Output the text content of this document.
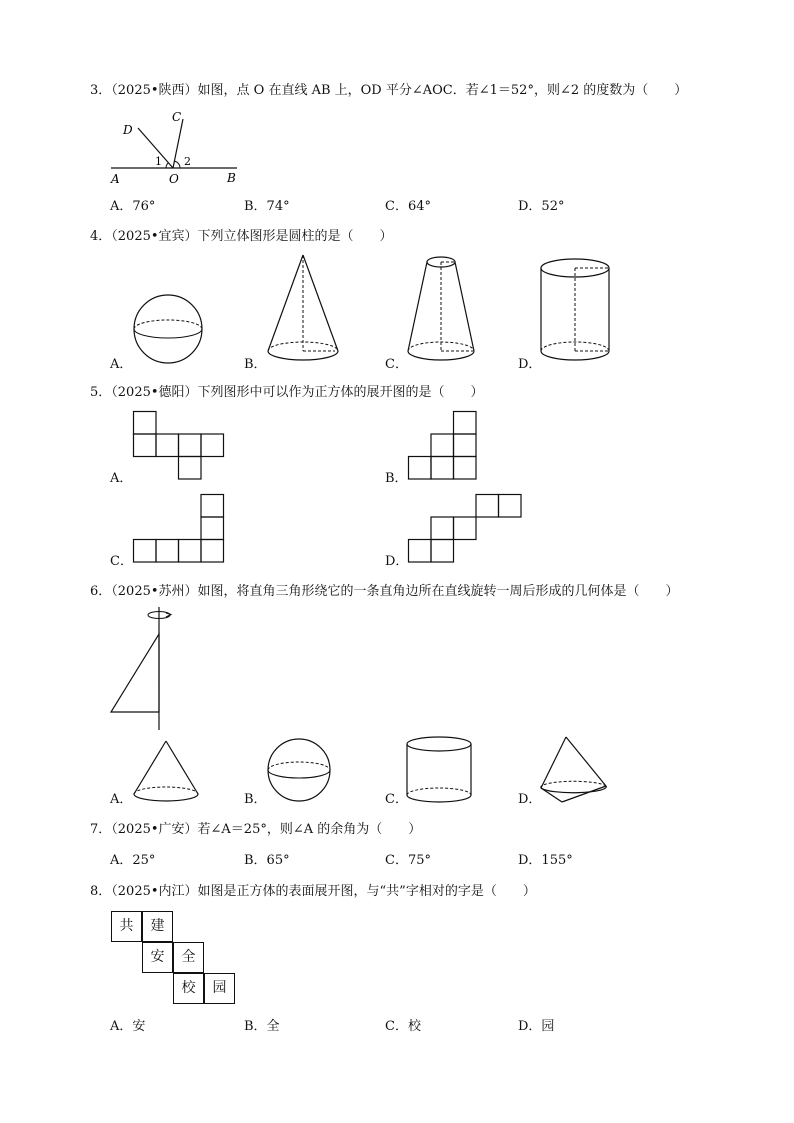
3．（2025•陕西）如图，点 O 在直线 AB 上，OD 平分∠AOC．若∠1＝52°，则∠2 的度数为（　　）
D
C
A	O	B
1 2
A．76°	B．74°	C．64°	D．52°
4．（2025•宜宾）下列立体图形是圆柱的是（　　）
A．	B．	C．	D．
5．（2025•德阳）下列图形中可以作为正方体的展开图的是（　　）
A．	B．
C．	D．
6．（2025•苏州）如图，将直角三角形绕它的一条直角边所在直线旋转一周后形成的几何体是（　　）
A．	B．	C．	D．
7．（2025•广安）若∠A＝25°，则∠A 的余角为（　　）
A．25°	B．65°	C．75°	D．155°
8．（2025•内江）如图是正方体的表面展开图，与“共”字相对的字是（　　）
共	建
安	全
校	园
A．安	B．全	C．校	D．园
